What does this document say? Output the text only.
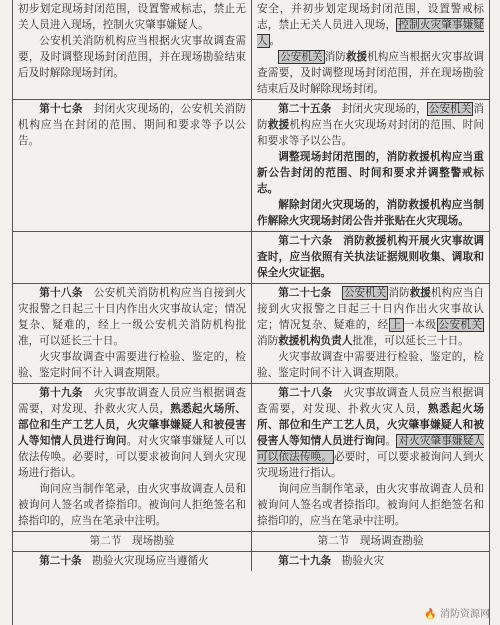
初步划定现场封闭范围，设置警戒标志，禁止无关人员进入现场，控制火灾肇事嫌疑人。

公安机关消防机构应当根据火灾事故调查需要，及时调整现场封闭范围，并在现场勘验结束后及时解除现场封闭。

安全，并初步划定现场封闭范围，设置警戒标志，禁止无关人员进入现场， 控制火灾肇事嫌疑人 。

公安机关 消防救援机构应当根据火灾事故调查需要，及时调整现场封闭范围，并在现场勘验结束后及时解除现场封闭。

第十七条　封闭火灾现场的，公安机关消防机构应当在封闭的范围、期间和要求等予以公告。

第二十五条　封闭火灾现场的， 公安机关 消防救援机构应当在火灾现场对封闭的范围、时间和要求等予以公告。

调整现场封闭范围的，消防救援机构应当重新公告封闭的范围、时间和要求并调整警戒标志。

解除封闭火灾现场的，消防救援机构应当制作解除火灾现场封闭公告并张贴在火灾现场。

第二十六条　消防救援机构开展火灾事故调查时，应当依照有关执法证据规则收集、调取和保全火灾证据。

第十八条　公安机关消防机构应当自接到火灾报警之日起三十日内作出火灾事故认定；情况复杂、疑难的，经上一级公安机关消防机构批准，可以延长三十日。

火灾事故调查中需要进行检验、鉴定的，检验、鉴定时间不计入调查期限。

第二十七条　 公安机关 消防救援机构应当自接到火灾报警之日起三十日内作出火灾事故认定；情况复杂、疑难的，经 上 一本级 公安机关消防救援机构负责人批准，可以延长三十日。

火灾事故调查中需要进行检验、鉴定的，检验、鉴定时间不计入调查期限。

第十九条　火灾事故调查人员应当根据调查需要，对发现、扑救火灾人员，熟悉起火场所、部位和生产工艺人员，火灾肇事嫌疑人和被侵害人等知情人员进行询问。对火灾肇事嫌疑人可以依法传唤。必要时，可以要求被询问人到火灾现场进行指认。

询问应当制作笔录，由火灾事故调查人员和被询问人签名或者捺指印。被询问人拒绝签名和捺指印的，应当在笔录中注明。

第二十八条　火灾事故调查人员应当根据调查需要，对发现、扑救火灾人员，熟悉起火场所、部位和生产工艺人员，火灾肇事嫌疑人和被侵害人等知情人员进行询问。 对火灾肇事嫌疑人可以依法传唤。 必要时，可以要求被询问人到火灾现场进行指认。

询问应当制作笔录，由火灾事故调查人员和被询问人签名或者捺指印。被询问人拒绝签名和捺指印的，应当在笔录中注明。

第二节　现场勘验	第二节　现场调查勘验

第二十条　勘验火灾现场应当遵循火	第二十九条　勘验火灾

🔥 消防资源网
